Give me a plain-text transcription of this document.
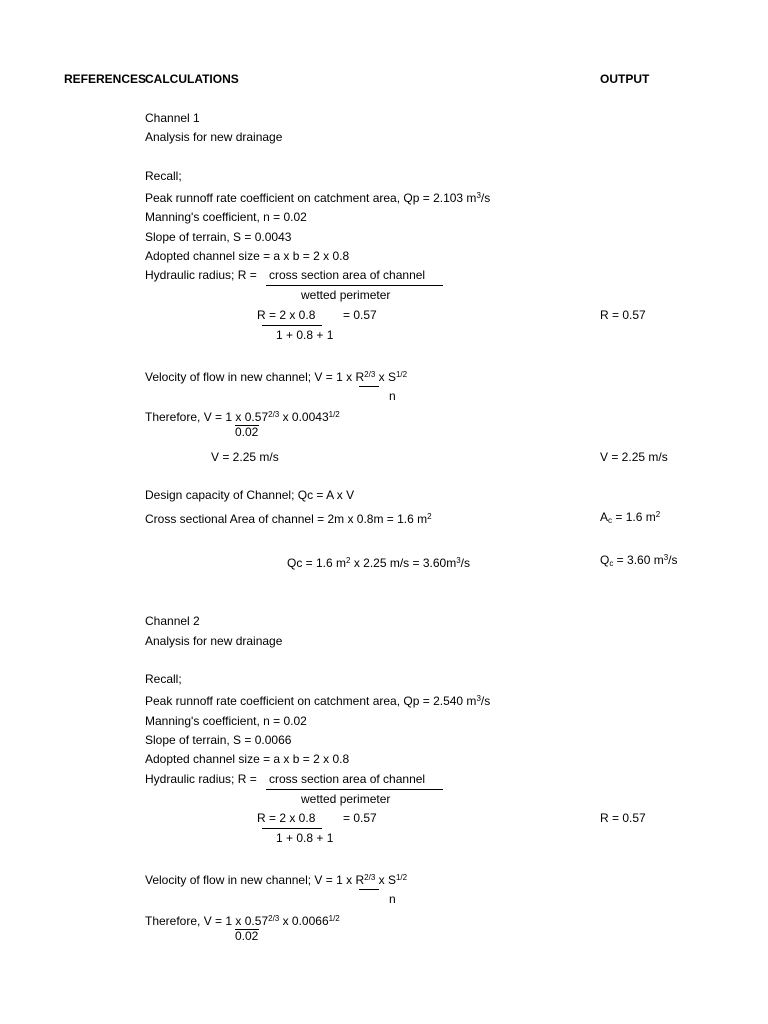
REFERENCES
CALCULATIONS	OUTPUT
Channel 1
Analysis for new drainage
Recall;
Peak runnoff rate coefficient on catchment area, Qp = 2.103 $m^3/s$
Manning's coefficient, n = 0.02
Slope of terrain, S = 0.0043
Adopted channel size = a x b = 2 x 0.8
Hydraulic radius; R = cross section area of channel
wetted perimeter
R = 2 x 0.8 = 0.57
1 + 0.8 + 1
R = 0.57
Velocity of flow in new channel; V = 1 x $R^{2/3}$ x $S^{1/2}$
n
Therefore, V = 1 x $0.57^{2/3}$ x $0.0043^{1/2}$
0.02
V = 2.25 m/s	V = 2.25 m/s
Design capacity of Channel; Qc = A x V
Cross sectional Area of channel = 2m x 0.8m = 1.6 $m^2$	$A_c = 1.6$ $m^2$
Qc = 1.6 $m^2$ x 2.25 $m/s = 3.60m^3/s$	$Q_c = 3.60$ $m^3/s$
Channel 2
Analysis for new drainage
Recall;
Peak runnoff rate coefficient on catchment area, Qp = 2.540 $m^3/s$
Manning's coefficient, n = 0.02
Slope of terrain, S = 0.0066
Adopted channel size = a x b = 2 x 0.8
Hydraulic radius; R = cross section area of channel
wetted perimeter
R = 2 x 0.8 = 0.57
1 + 0.8 + 1
R = 0.57
Velocity of flow in new channel; V = 1 x $R^{2/3}$ x $S^{1/2}$
n
Therefore, V = 1 x $0.57^{2/3}$ x $0.0066^{1/2}$
0.02
